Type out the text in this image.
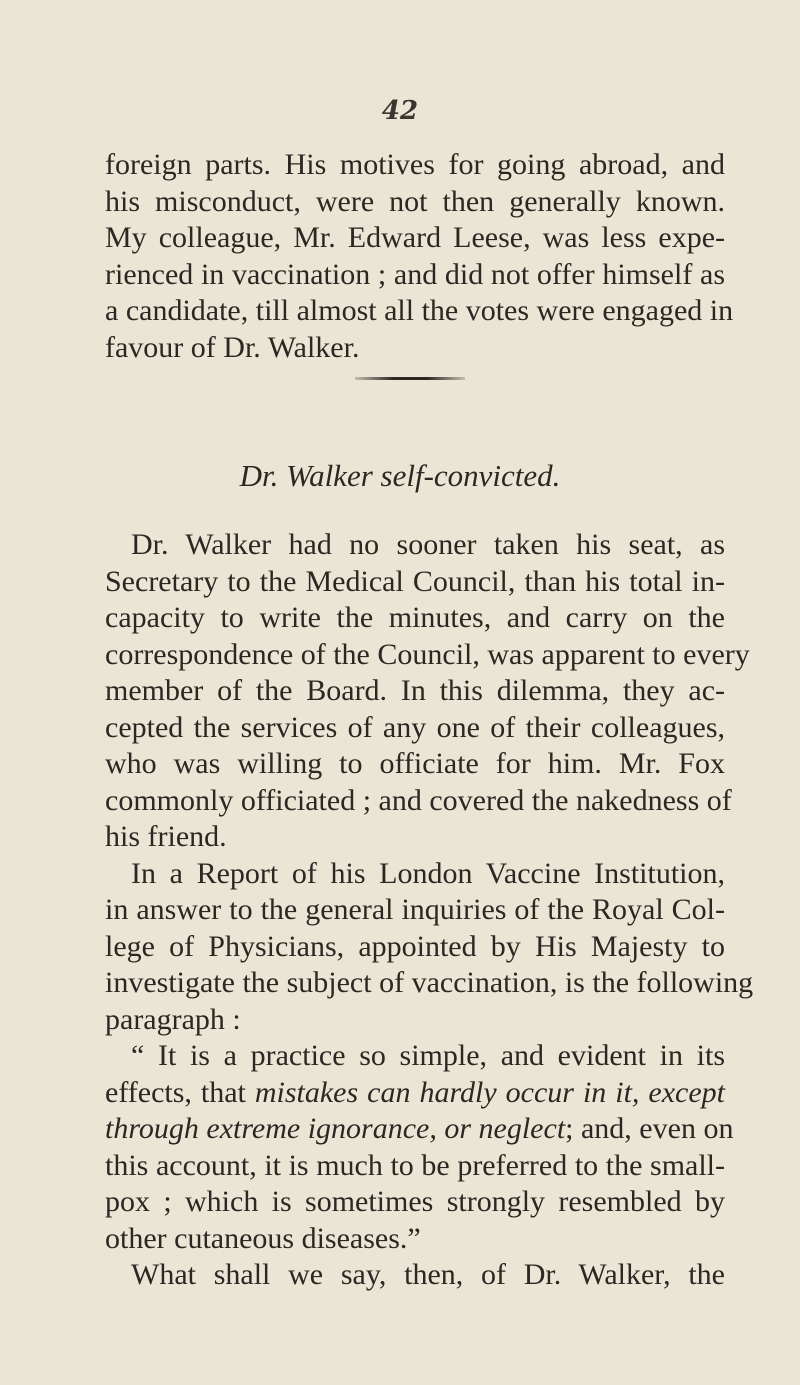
42
foreign parts. His motives for going abroad, and
his misconduct, were not then generally known.
My colleague, Mr. Edward Leese, was less expe-
rienced in vaccination ; and did not offer himself as
a candidate, till almost all the votes were engaged in
favour of Dr. Walker.
Dr. Walker self-convicted.
Dr. Walker had no sooner taken his seat, as
Secretary to the Medical Council, than his total in-
capacity to write the minutes, and carry on the
correspondence of the Council, was apparent to every
member of the Board. In this dilemma, they ac-
cepted the services of any one of their colleagues,
who was willing to officiate for him. Mr. Fox
commonly officiated ; and covered the nakedness of
his friend.
In a Report of his London Vaccine Institution,
in answer to the general inquiries of the Royal Col-
lege of Physicians, appointed by His Majesty to
investigate the subject of vaccination, is the following
paragraph :
“ It is a practice so simple, and evident in its
effects, that mistakes can hardly occur in it, except
through extreme ignorance, or neglect; and, even on
this account, it is much to be preferred to the small-
pox ; which is sometimes strongly resembled by
other cutaneous diseases.”
What shall we say, then, of Dr. Walker, the
